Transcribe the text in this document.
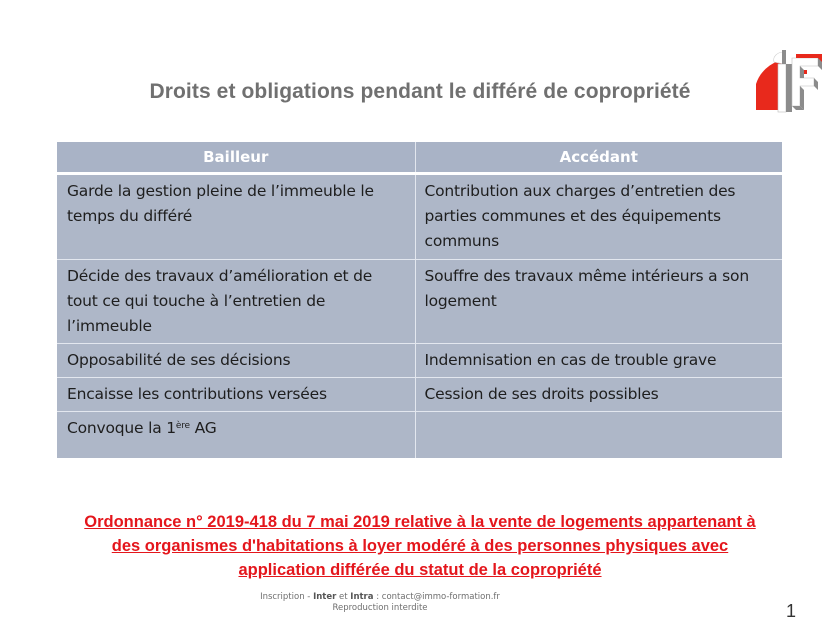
Droits et obligations pendant le différé de copropriété
Bailleur	Accédant
Garde la gestion pleine de l’immeuble le temps du différé	Contribution aux charges d’entretien des parties communes et des équipements communs
Décide des travaux d’amélioration et de tout ce qui touche à l’entretien de l’immeuble	Souffre des travaux même intérieurs a son logement
Opposabilité de ses décisions	Indemnisation en cas de trouble grave
Encaisse les contributions versées	Cession de ses droits possibles
Convoque la 1ère AG	
Ordonnance n° 2019-418 du 7 mai 2019 relative à la vente de logements appartenant à des organismes d'habitations à loyer modéré à des personnes physiques avec application différée du statut de la copropriété
Inscription - Inter et Intra : contact@immo-formation.fr
Reproduction interdite	1
